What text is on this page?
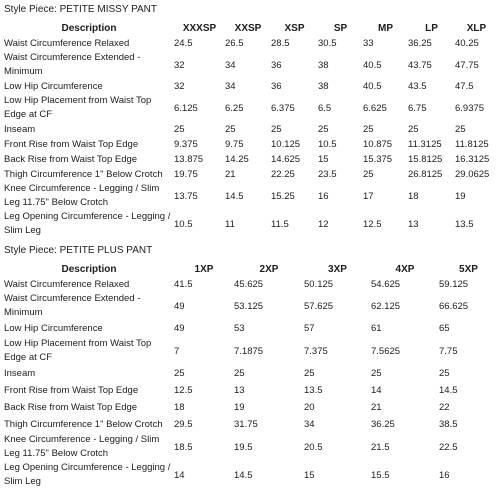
Style Piece: PETITE MISSY PANT
Description	XXXSP	XXSP	XSP	SP	MP	LP	XLP
Waist Circumference Relaxed	24.5	26.5	28.5	30.5	33	36.25	40.25
Waist Circumference Extended - Minimum	32	34	36	38	40.5	43.75	47.75
Low Hip Circumference	32	34	36	38	40.5	43.5	47.5
Low Hip Placement from Waist Top Edge at CF	6.125	6.25	6.375	6.5	6.625	6.75	6.9375
Inseam	25	25	25	25	25	25	25
Front Rise from Waist Top Edge	9.375	9.75	10.125	10.5	10.875	11.3125	11.8125
Back Rise from Waist Top Edge	13.875	14.25	14.625	15	15.375	15.8125	16.3125
Thigh Circumference 1" Below Crotch	19.75	21	22.25	23.5	25	26.8125	29.0625
Knee Circumference - Legging / Slim Leg 11.75" Below Crotch	13.75	14.5	15.25	16	17	18	19
Leg Opening Circumference - Legging / Slim Leg	10.5	11	11.5	12	12.5	13	13.5
Style Piece: PETITE PLUS PANT
Description	1XP	2XP	3XP	4XP	5XP
Waist Circumference Relaxed	41.5	45.625	50.125	54.625	59.125
Waist Circumference Extended - Minimum	49	53.125	57.625	62.125	66.625
Low Hip Circumference	49	53	57	61	65
Low Hip Placement from Waist Top Edge at CF	7	7.1875	7.375	7.5625	7.75
Inseam	25	25	25	25	25
Front Rise from Waist Top Edge	12.5	13	13.5	14	14.5
Back Rise from Waist Top Edge	18	19	20	21	22
Thigh Circumference 1" Below Crotch	29.5	31.75	34	36.25	38.5
Knee Circumference - Legging / Slim Leg 11.75" Below Crotch	18.5	19.5	20.5	21.5	22.5
Leg Opening Circumference - Legging / Slim Leg	14	14.5	15	15.5	16
